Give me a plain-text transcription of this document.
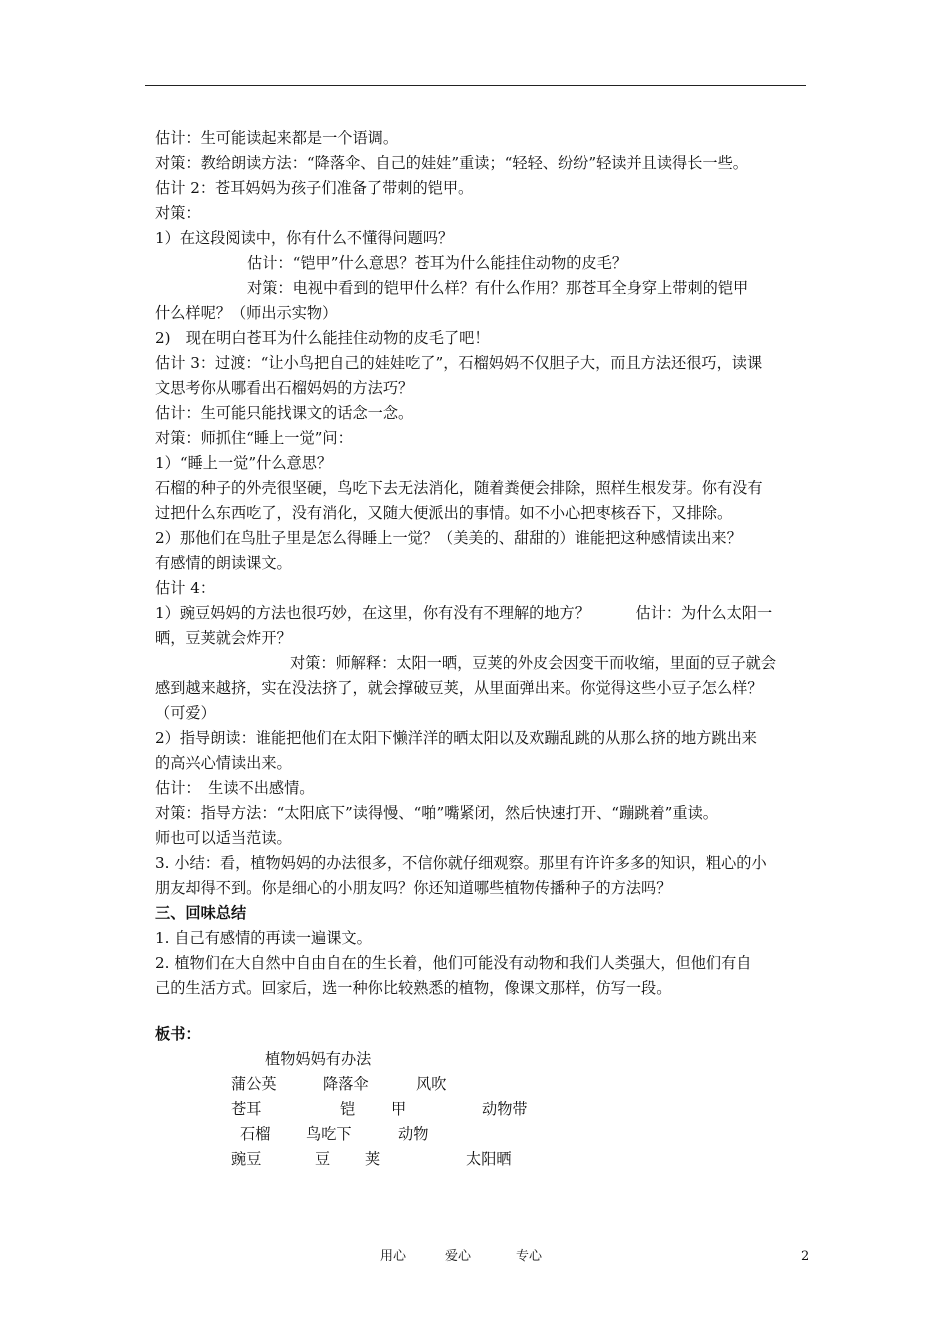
估计：生可能读起来都是一个语调。
对策：教给朗读方法：“降落伞、自己的娃娃”重读；“轻轻、纷纷”轻读并且读得长一些。
估计 2：苍耳妈妈为孩子们准备了带刺的铠甲。
对策：
1）在这段阅读中，你有什么不懂得问题吗？
估计：“铠甲”什么意思？苍耳为什么能挂住动物的皮毛？
对策：电视中看到的铠甲什么样？有什么作用？那苍耳全身穿上带刺的铠甲
什么样呢？（师出示实物）
2)　现在明白苍耳为什么能挂住动物的皮毛了吧！
估计 3：过渡：“让小鸟把自己的娃娃吃了”，石榴妈妈不仅胆子大，而且方法还很巧，读课
文思考你从哪看出石榴妈妈的方法巧？
估计：生可能只能找课文的话念一念。
对策：师抓住“睡上一觉”问：
1）“睡上一觉”什么意思？
石榴的种子的外壳很坚硬，鸟吃下去无法消化，随着粪便会排除，照样生根发芽。你有没有
过把什么东西吃了，没有消化，又随大便派出的事情。如不小心把枣核吞下，又排除。
2）那他们在鸟肚子里是怎么得睡上一觉？（美美的、甜甜的）谁能把这种感情读出来？
有感情的朗读课文。
估计 4：
1）豌豆妈妈的方法也很巧妙，在这里，你有没有不理解的地方？　　　估计：为什么太阳一
晒，豆荚就会炸开？
对策：师解释：太阳一晒，豆荚的外皮会因变干而收缩，里面的豆子就会
感到越来越挤，实在没法挤了，就会撑破豆荚，从里面弹出来。你觉得这些小豆子怎么样？
（可爱）
2）指导朗读：谁能把他们在太阳下懒洋洋的晒太阳以及欢蹦乱跳的从那么挤的地方跳出来
的高兴心情读出来。
估计：　生读不出感情。
对策：指导方法：“太阳底下”读得慢、“啪”嘴紧闭，然后快速打开、“蹦跳着”重读。
师也可以适当范读。
3. 小结：看，植物妈妈的办法很多，不信你就仔细观察。那里有许许多多的知识，粗心的小
朋友却得不到。你是细心的小朋友吗？你还知道哪些植物传播种子的方法吗？
三、回味总结
1. 自己有感情的再读一遍课文。
2. 植物们在大自然中自由自在的生长着，他们可能没有动物和我们人类强大，但他们有自
己的生活方式。回家后，选一种你比较熟悉的植物，像课文那样，仿写一段。
板书：
植物妈妈有办法
蒲公英	降落伞	风吹
苍耳	铠 甲	动物带
石榴 鸟吃下	动物
豌豆	豆 荚	太阳晒
用心	爱心	专心	2
